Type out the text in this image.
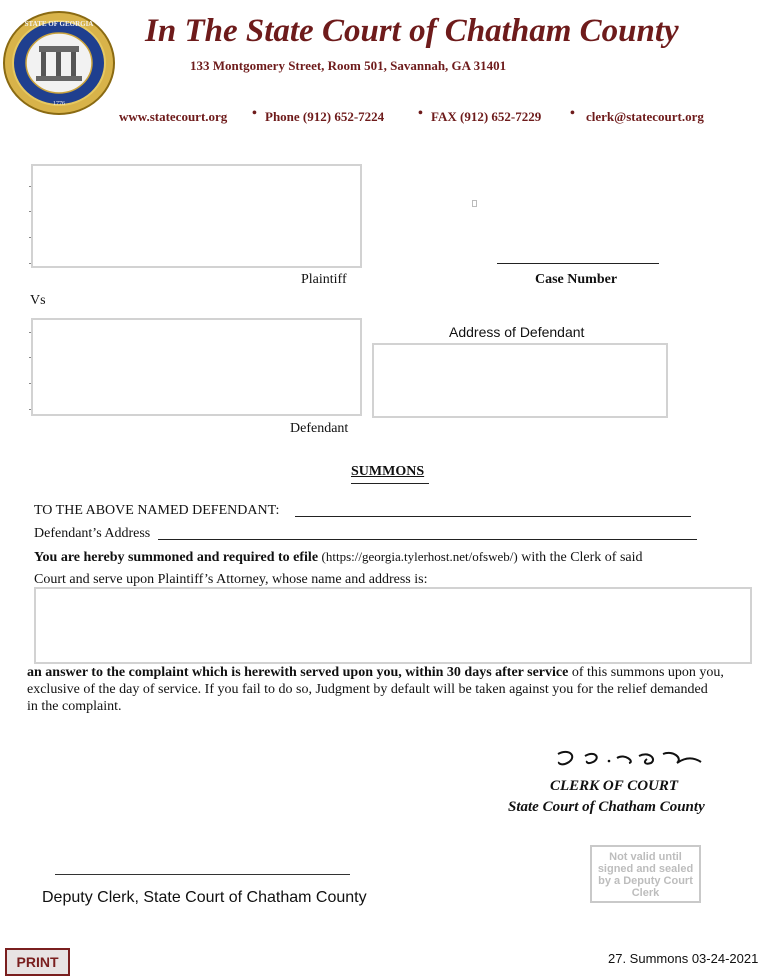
1776
STATE OF GEORGIA In The State Court of Chatham County
133 Montgomery Street, Room 501, Savannah, GA 31401
www.statecourt.org • Phone (912) 652-7224 • FAX (912) 652-7229 • clerk@statecourt.org
Plaintiff	Case Number
Vs
Defendant
Address of Defendant
SUMMONS
TO THE ABOVE NAMED DEFENDANT:
Defendant’s Address
You are hereby summoned and required to efile (https://georgia.tylerhost.net/ofsweb/) with the Clerk of said
Court and serve upon Plaintiff’s Attorney, whose name and address is:
an answer to the complaint which is herewith served upon you, within 30 days after service of this summons upon you,
exclusive of the day of service. If you fail to do so, Judgment by default will be taken against you for the relief demanded
in the complaint.
CLERK OF COURT
State Court of Chatham County
Not valid until signed and sealed by a Deputy Court Clerk
Deputy Clerk, State Court of Chatham County
PRINT	27. Summons 03-24-2021
